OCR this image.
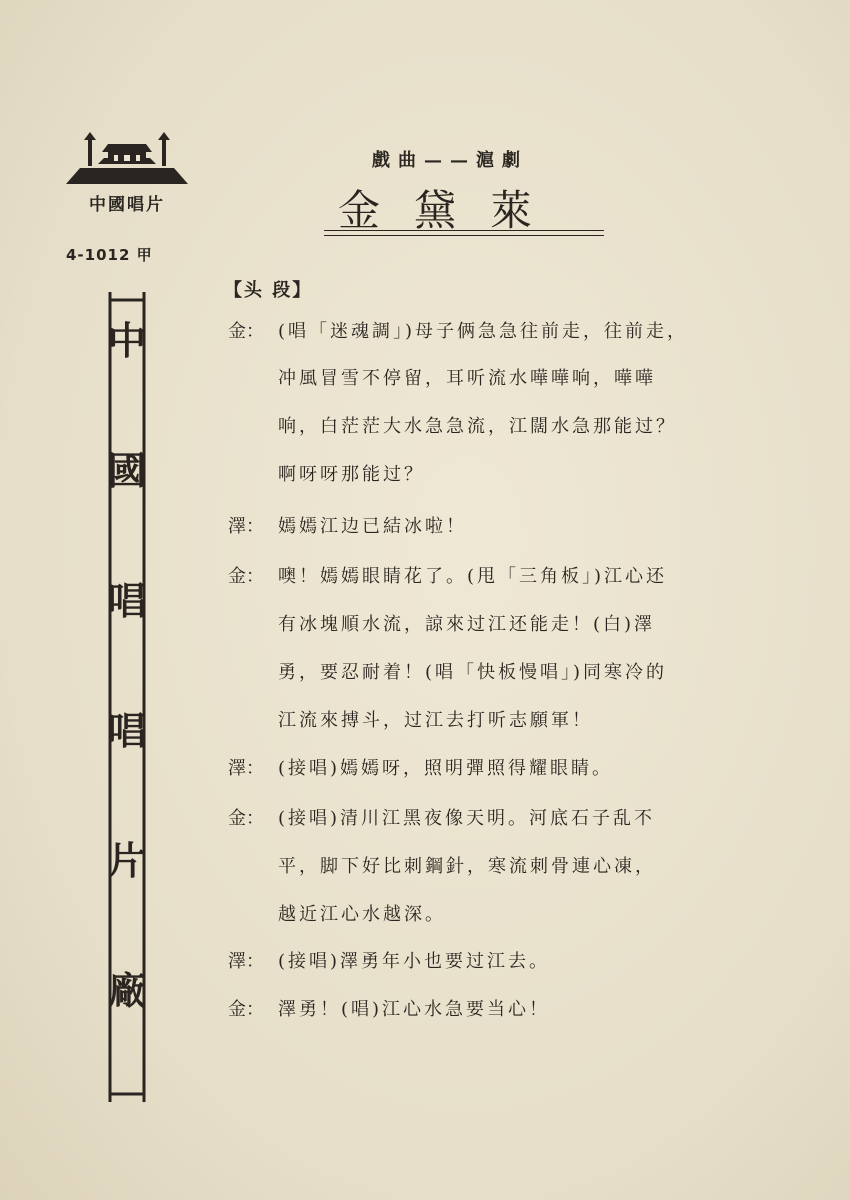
中國唱片
4-1012 甲
中
國
唱
唱
片
廠
戲曲——滬劇
金黛萊
【头 段】
金： (唱「迷魂調」)母子俩急急往前走，往前走，
冲風冒雪不停留，耳听流水嘩嘩响，嘩嘩
响，白茫茫大水急急流，江闊水急那能过？
啊呀呀那能过？
澤： 嫣嫣江边已結冰啦！
金： 噢！嫣嫣眼睛花了。(甩「三角板」)江心还
有冰塊順水流，諒來过江还能走！(白)澤
勇，要忍耐着！(唱「快板慢唱」)同寒冷的
江流來搏斗，过江去打听志願軍！
澤： (接唱)嫣嫣呀，照明彈照得耀眼睛。
金： (接唱)清川江黑夜像天明。河底石子乱不
平，脚下好比刺鋼針，寒流刺骨連心凍，
越近江心水越深。
澤： (接唱)澤勇年小也要过江去。
金： 澤勇！(唱)江心水急要当心！
